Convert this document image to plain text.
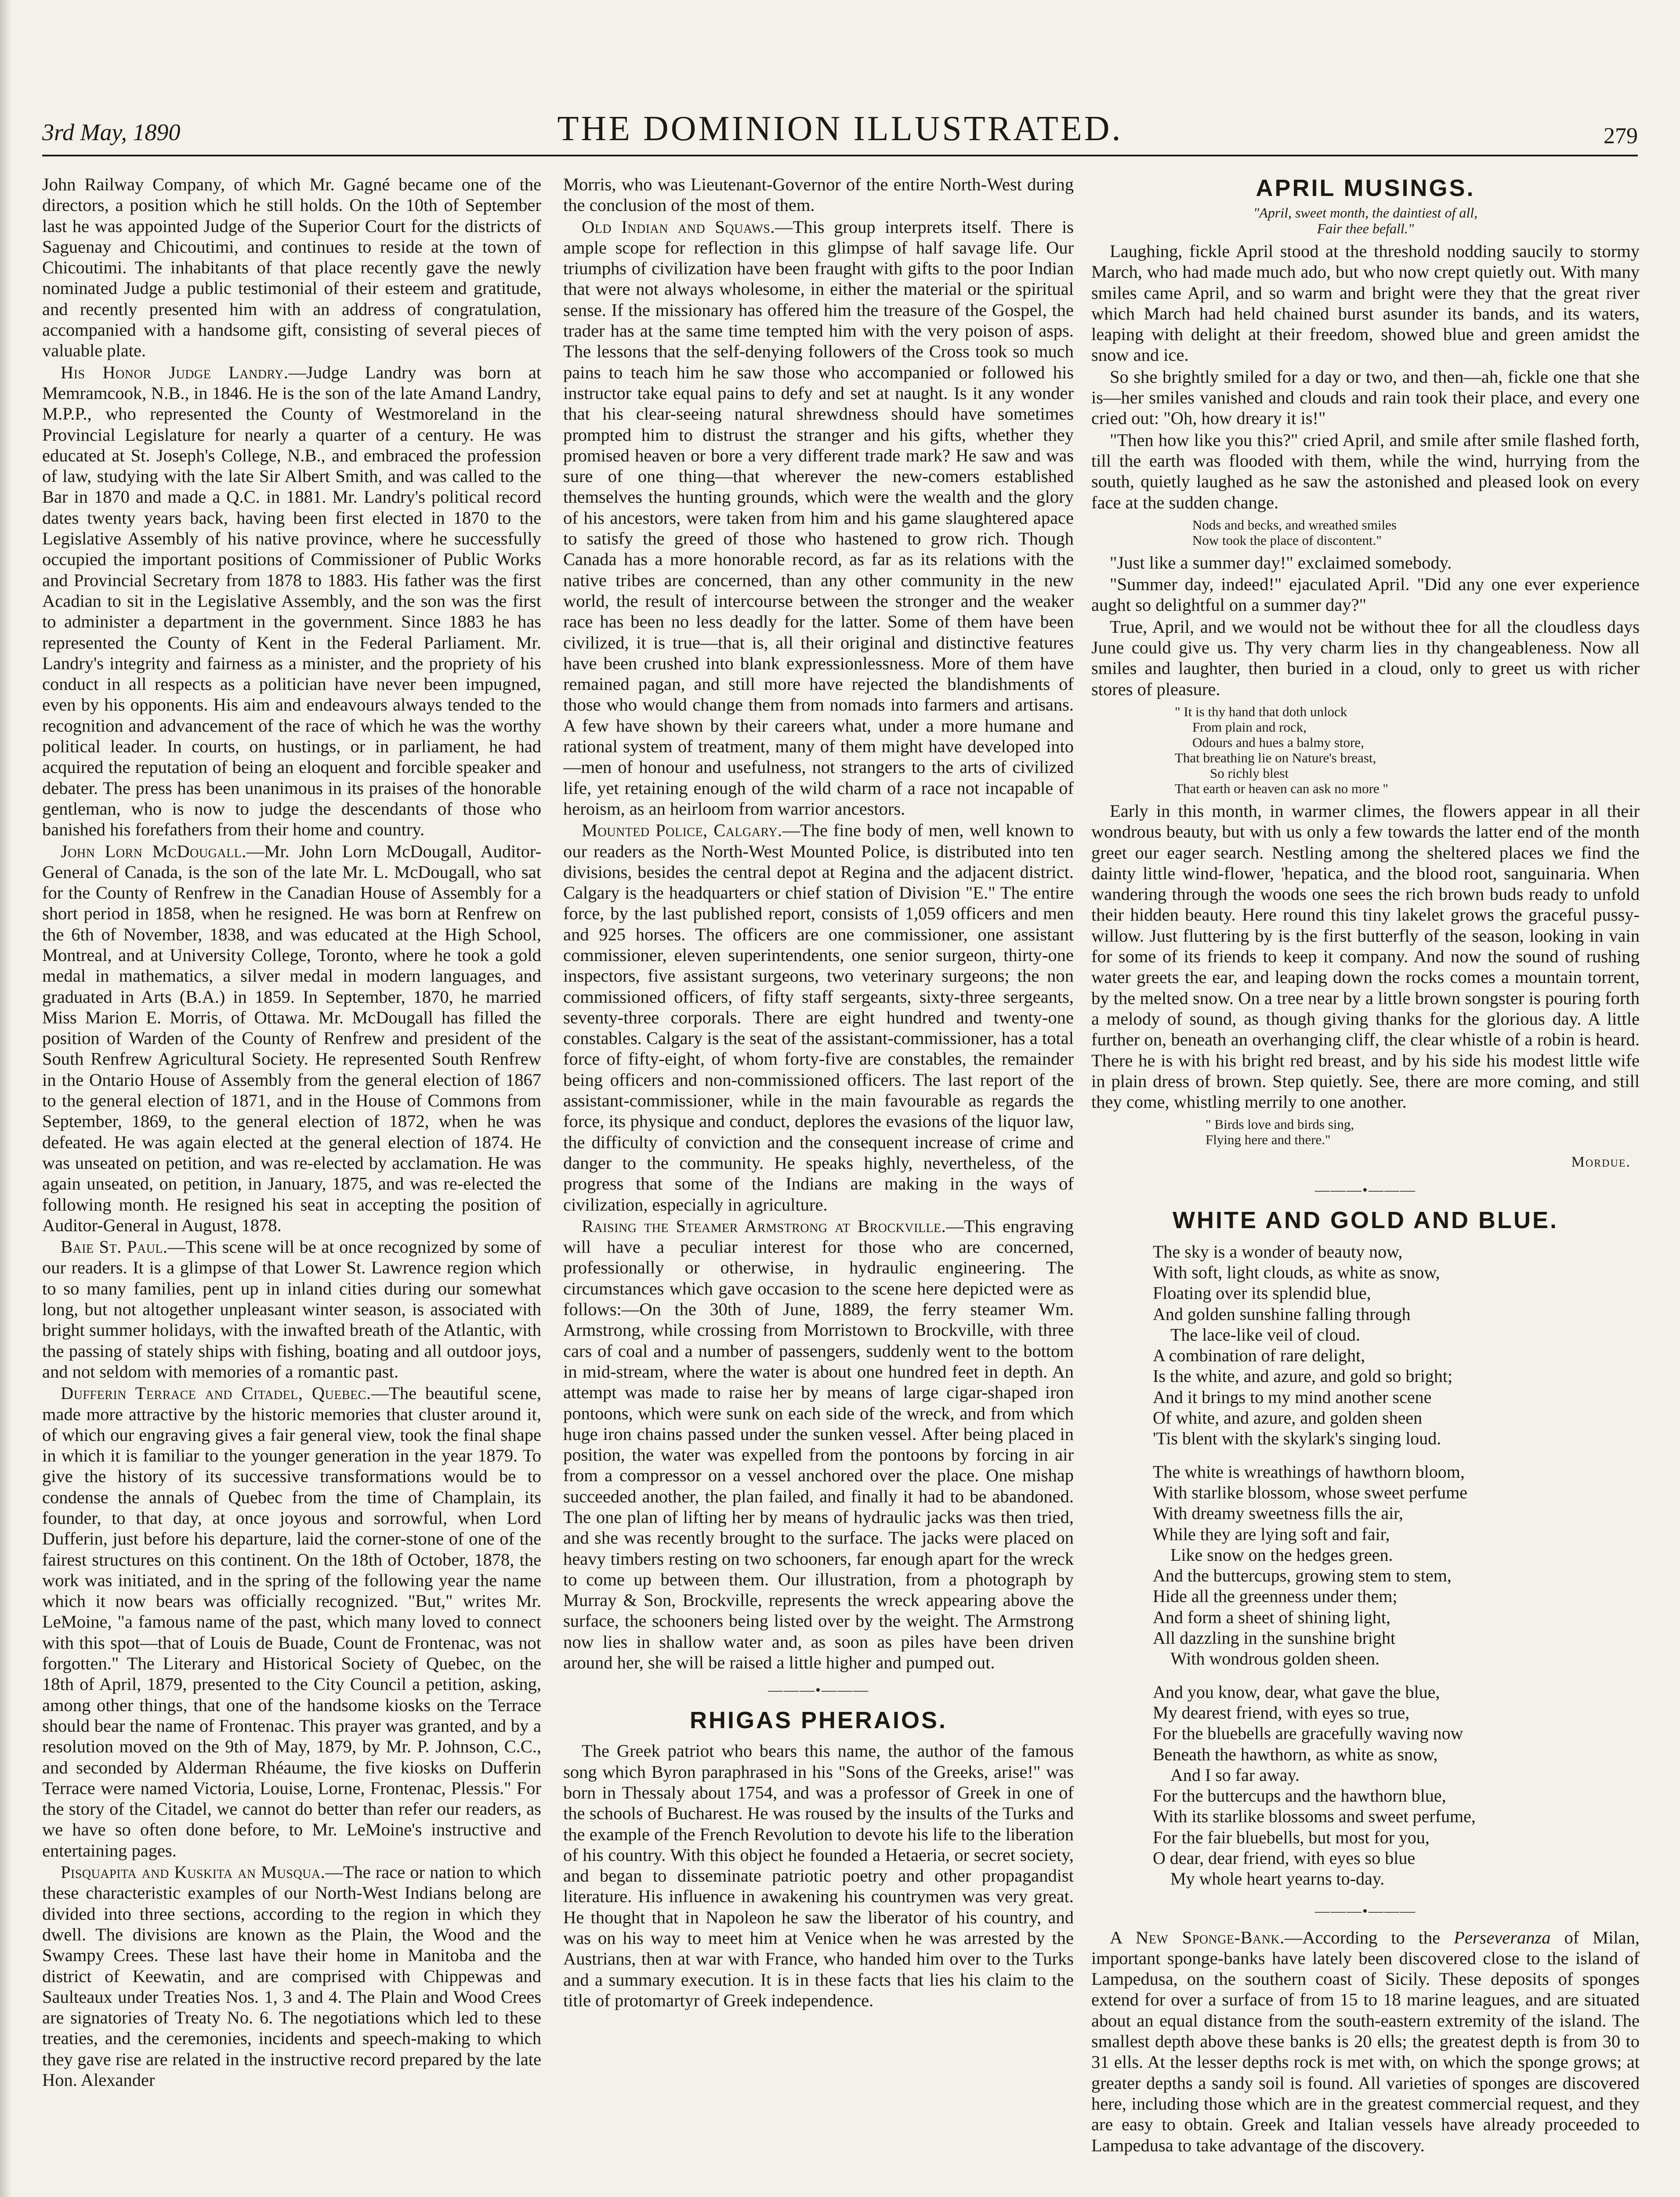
3rd May, 1890	THE DOMINION ILLUSTRATED.	279

John Railway Company, of which Mr. Gagné became one of the directors, a position which he still holds. On the 10th of September last he was appointed Judge of the Superior Court for the districts of Saguenay and Chicoutimi, and continues to reside at the town of Chicoutimi. The inhabitants of that place recently gave the newly nominated Judge a public testimonial of their esteem and gratitude, and recently presented him with an address of congratulation, accompanied with a handsome gift, consisting of several pieces of valuable plate.

His Honor Judge Landry.—Judge Landry was born at Memramcook, N.B., in 1846. He is the son of the late Amand Landry, M.P.P., who represented the County of Westmoreland in the Provincial Legislature for nearly a quarter of a century. He was educated at St. Joseph's College, N.B., and embraced the profession of law, studying with the late Sir Albert Smith, and was called to the Bar in 1870 and made a Q.C. in 1881. Mr. Landry's political record dates twenty years back, having been first elected in 1870 to the Legislative Assembly of his native province, where he successfully occupied the important positions of Commissioner of Public Works and Provincial Secretary from 1878 to 1883. His father was the first Acadian to sit in the Legislative Assembly, and the son was the first to administer a department in the government. Since 1883 he has represented the County of Kent in the Federal Parliament. Mr. Landry's integrity and fairness as a minister, and the propriety of his conduct in all respects as a politician have never been impugned, even by his opponents. His aim and endeavours always tended to the recognition and advancement of the race of which he was the worthy political leader. In courts, on hustings, or in parliament, he had acquired the reputation of being an eloquent and forcible speaker and debater. The press has been unanimous in its praises of the honorable gentleman, who is now to judge the descendants of those who banished his forefathers from their home and country.

John Lorn McDougall.—Mr. John Lorn McDougall, Auditor-General of Canada, is the son of the late Mr. L. McDougall, who sat for the County of Renfrew in the Canadian House of Assembly for a short period in 1858, when he resigned. He was born at Renfrew on the 6th of November, 1838, and was educated at the High School, Montreal, and at University College, Toronto, where he took a gold medal in mathematics, a silver medal in modern languages, and graduated in Arts (B.A.) in 1859. In September, 1870, he married Miss Marion E. Morris, of Ottawa. Mr. McDougall has filled the position of Warden of the County of Renfrew and president of the South Renfrew Agricultural Society. He represented South Renfrew in the Ontario House of Assembly from the general election of 1867 to the general election of 1871, and in the House of Commons from September, 1869, to the general election of 1872, when he was defeated. He was again elected at the general election of 1874. He was unseated on petition, and was re-elected by acclamation. He was again unseated, on petition, in January, 1875, and was re-elected the following month. He resigned his seat in accepting the position of Auditor-General in August, 1878.

Baie St. Paul.—This scene will be at once recognized by some of our readers. It is a glimpse of that Lower St. Lawrence region which to so many families, pent up in inland cities during our somewhat long, but not altogether unpleasant winter season, is associated with bright summer holidays, with the inwafted breath of the Atlantic, with the passing of stately ships with fishing, boating and all outdoor joys, and not seldom with memories of a romantic past.

Dufferin Terrace and Citadel, Quebec.—The beautiful scene, made more attractive by the historic memories that cluster around it, of which our engraving gives a fair general view, took the final shape in which it is familiar to the younger generation in the year 1879. To give the history of its successive transformations would be to condense the annals of Quebec from the time of Champlain, its founder, to that day, at once joyous and sorrowful, when Lord Dufferin, just before his departure, laid the corner-stone of one of the fairest structures on this continent. On the 18th of October, 1878, the work was initiated, and in the spring of the following year the name which it now bears was officially recognized. "But," writes Mr. LeMoine, "a famous name of the past, which many loved to connect with this spot—that of Louis de Buade, Count de Frontenac, was not forgotten." The Literary and Historical Society of Quebec, on the 18th of April, 1879, presented to the City Council a petition, asking, among other things, that one of the handsome kiosks on the Terrace should bear the name of Frontenac. This prayer was granted, and by a resolution moved on the 9th of May, 1879, by Mr. P. Johnson, C.C., and seconded by Alderman Rhéaume, the five kiosks on Dufferin Terrace were named Victoria, Louise, Lorne, Frontenac, Plessis." For the story of the Citadel, we cannot do better than refer our readers, as we have so often done before, to Mr. LeMoine's instructive and entertaining pages.

Pisquapita and Kuskita an Musqua.—The race or nation to which these characteristic examples of our North-West Indians belong are divided into three sections, according to the region in which they dwell. The divisions are known as the Plain, the Wood and the Swampy Crees. These last have their home in Manitoba and the district of Keewatin, and are comprised with Chippewas and Saulteaux under Treaties Nos. 1, 3 and 4. The Plain and Wood Crees are signatories of Treaty No. 6. The negotiations which led to these treaties, and the ceremonies, incidents and speech-making to which they gave rise are related in the instructive record prepared by the late Hon. Alexander

Morris, who was Lieutenant-Governor of the entire North-West during the conclusion of the most of them.

Old Indian and Squaws.—This group interprets itself. There is ample scope for reflection in this glimpse of half savage life. Our triumphs of civilization have been fraught with gifts to the poor Indian that were not always wholesome, in either the material or the spiritual sense. If the missionary has offered him the treasure of the Gospel, the trader has at the same time tempted him with the very poison of asps. The lessons that the self-denying followers of the Cross took so much pains to teach him he saw those who accompanied or followed his instructor take equal pains to defy and set at naught. Is it any wonder that his clear-seeing natural shrewdness should have sometimes prompted him to distrust the stranger and his gifts, whether they promised heaven or bore a very different trade mark? He saw and was sure of one thing—that wherever the new-comers established themselves the hunting grounds, which were the wealth and the glory of his ancestors, were taken from him and his game slaughtered apace to satisfy the greed of those who hastened to grow rich. Though Canada has a more honorable record, as far as its relations with the native tribes are concerned, than any other community in the new world, the result of intercourse between the stronger and the weaker race has been no less deadly for the latter. Some of them have been civilized, it is true—that is, all their original and distinctive features have been crushed into blank expressionlessness. More of them have remained pagan, and still more have rejected the blandishments of those who would change them from nomads into farmers and artisans. A few have shown by their careers what, under a more humane and rational system of treatment, many of them might have developed into—men of honour and usefulness, not strangers to the arts of civilized life, yet retaining enough of the wild charm of a race not incapable of heroism, as an heirloom from warrior ancestors.

Mounted Police, Calgary.—The fine body of men, well known to our readers as the North-West Mounted Police, is distributed into ten divisions, besides the central depot at Regina and the adjacent district. Calgary is the headquarters or chief station of Division "E." The entire force, by the last published report, consists of 1,059 officers and men and 925 horses. The officers are one commissioner, one assistant commissioner, eleven superintendents, one senior surgeon, thirty-one inspectors, five assistant surgeons, two veterinary surgeons; the non commissioned officers, of fifty staff sergeants, sixty-three sergeants, seventy-three corporals. There are eight hundred and twenty-one constables. Calgary is the seat of the assistant-commissioner, has a total force of fifty-eight, of whom forty-five are constables, the remainder being officers and non-commissioned officers. The last report of the assistant-commissioner, while in the main favourable as regards the force, its physique and conduct, deplores the evasions of the liquor law, the difficulty of conviction and the consequent increase of crime and danger to the community. He speaks highly, nevertheless, of the progress that some of the Indians are making in the ways of civilization, especially in agriculture.

Raising the Steamer Armstrong at Brockville.—This engraving will have a peculiar interest for those who are concerned, professionally or otherwise, in hydraulic engineering. The circumstances which gave occasion to the scene here depicted were as follows:—On the 30th of June, 1889, the ferry steamer Wm. Armstrong, while crossing from Morristown to Brockville, with three cars of coal and a number of passengers, suddenly went to the bottom in mid-stream, where the water is about one hundred feet in depth. An attempt was made to raise her by means of large cigar-shaped iron pontoons, which were sunk on each side of the wreck, and from which huge iron chains passed under the sunken vessel. After being placed in position, the water was expelled from the pontoons by forcing in air from a compressor on a vessel anchored over the place. One mishap succeeded another, the plan failed, and finally it had to be abandoned. The one plan of lifting her by means of hydraulic jacks was then tried, and she was recently brought to the surface. The jacks were placed on heavy timbers resting on two schooners, far enough apart for the wreck to come up between them. Our illustration, from a photograph by Murray & Son, Brockville, represents the wreck appearing above the surface, the schooners being listed over by the weight. The Armstrong now lies in shallow water and, as soon as piles have been driven around her, she will be raised a little higher and pumped out.

———•———
RHIGAS PHERAIOS.

The Greek patriot who bears this name, the author of the famous song which Byron paraphrased in his "Sons of the Greeks, arise!" was born in Thessaly about 1754, and was a professor of Greek in one of the schools of Bucharest. He was roused by the insults of the Turks and the example of the French Revolution to devote his life to the liberation of his country. With this object he founded a Hetaeria, or secret society, and began to disseminate patriotic poetry and other propagandist literature. His influence in awakening his countrymen was very great. He thought that in Napoleon he saw the liberator of his country, and was on his way to meet him at Venice when he was arrested by the Austrians, then at war with France, who handed him over to the Turks and a summary execution. It is in these facts that lies his claim to the title of protomartyr of Greek independence.

APRIL MUSINGS.
"April, sweet month, the daintiest of all,
Fair thee befall."

Laughing, fickle April stood at the threshold nodding saucily to stormy March, who had made much ado, but who now crept quietly out. With many smiles came April, and so warm and bright were they that the great river which March had held chained burst asunder its bands, and its waters, leaping with delight at their freedom, showed blue and green amidst the snow and ice.

So she brightly smiled for a day or two, and then—ah, fickle one that she is—her smiles vanished and clouds and rain took their place, and every one cried out: "Oh, how dreary it is!"

"Then how like you this?" cried April, and smile after smile flashed forth, till the earth was flooded with them, while the wind, hurrying from the south, quietly laughed as he saw the astonished and pleased look on every face at the sudden change.

Nods and becks, and wreathed smiles
Now took the place of discontent."

"Just like a summer day!" exclaimed somebody.

"Summer day, indeed!" ejaculated April. "Did any one ever experience aught so delightful on a summer day?"

True, April, and we would not be without thee for all the cloudless days June could give us. Thy very charm lies in thy changeableness. Now all smiles and laughter, then buried in a cloud, only to greet us with richer stores of pleasure.

" It is thy hand that doth unlock
From plain and rock,
Odours and hues a balmy store,
That breathing lie on Nature's breast,
So richly blest
That earth or heaven can ask no more "

Early in this month, in warmer climes, the flowers appear in all their wondrous beauty, but with us only a few towards the latter end of the month greet our eager search. Nestling among the sheltered places we find the dainty little wind-flower, 'hepatica, and the blood root, sanguinaria. When wandering through the woods one sees the rich brown buds ready to unfold their hidden beauty. Here round this tiny lakelet grows the graceful pussy-willow. Just fluttering by is the first butterfly of the season, looking in vain for some of its friends to keep it company. And now the sound of rushing water greets the ear, and leaping down the rocks comes a mountain torrent, by the melted snow. On a tree near by a little brown songster is pouring forth a melody of sound, as though giving thanks for the glorious day. A little further on, beneath an overhanging cliff, the clear whistle of a robin is heard. There he is with his bright red breast, and by his side his modest little wife in plain dress of brown. Step quietly. See, there are more coming, and still they come, whistling merrily to one another.

" Birds love and birds sing,
Flying here and there."
Mordue.
———•———
WHITE AND GOLD AND BLUE.
The sky is a wonder of beauty now,
With soft, light clouds, as white as snow,
Floating over its splendid blue,
And golden sunshine falling through
The lace-like veil of cloud.
A combination of rare delight,
Is the white, and azure, and gold so bright;
And it brings to my mind another scene
Of white, and azure, and golden sheen
'Tis blent with the skylark's singing loud.
The white is wreathings of hawthorn bloom,
With starlike blossom, whose sweet perfume
With dreamy sweetness fills the air,
While they are lying soft and fair,
Like snow on the hedges green.
And the buttercups, growing stem to stem,
Hide all the greenness under them;
And form a sheet of shining light,
All dazzling in the sunshine bright
With wondrous golden sheen.
And you know, dear, what gave the blue,
My dearest friend, with eyes so true,
For the bluebells are gracefully waving now
Beneath the hawthorn, as white as snow,
And I so far away.
For the buttercups and the hawthorn blue,
With its starlike blossoms and sweet perfume,
For the fair bluebells, but most for you,
O dear, dear friend, with eyes so blue
My whole heart yearns to-day.
———•———

A New Sponge-Bank.—According to the Perseveranza of Milan, important sponge-banks have lately been discovered close to the island of Lampedusa, on the southern coast of Sicily. These deposits of sponges extend for over a surface of from 15 to 18 marine leagues, and are situated about an equal distance from the south-eastern extremity of the island. The smallest depth above these banks is 20 ells; the greatest depth is from 30 to 31 ells. At the lesser depths rock is met with, on which the sponge grows; at greater depths a sandy soil is found. All varieties of sponges are discovered here, including those which are in the greatest commercial request, and they are easy to obtain. Greek and Italian vessels have already proceeded to Lampedusa to take advantage of the discovery.
